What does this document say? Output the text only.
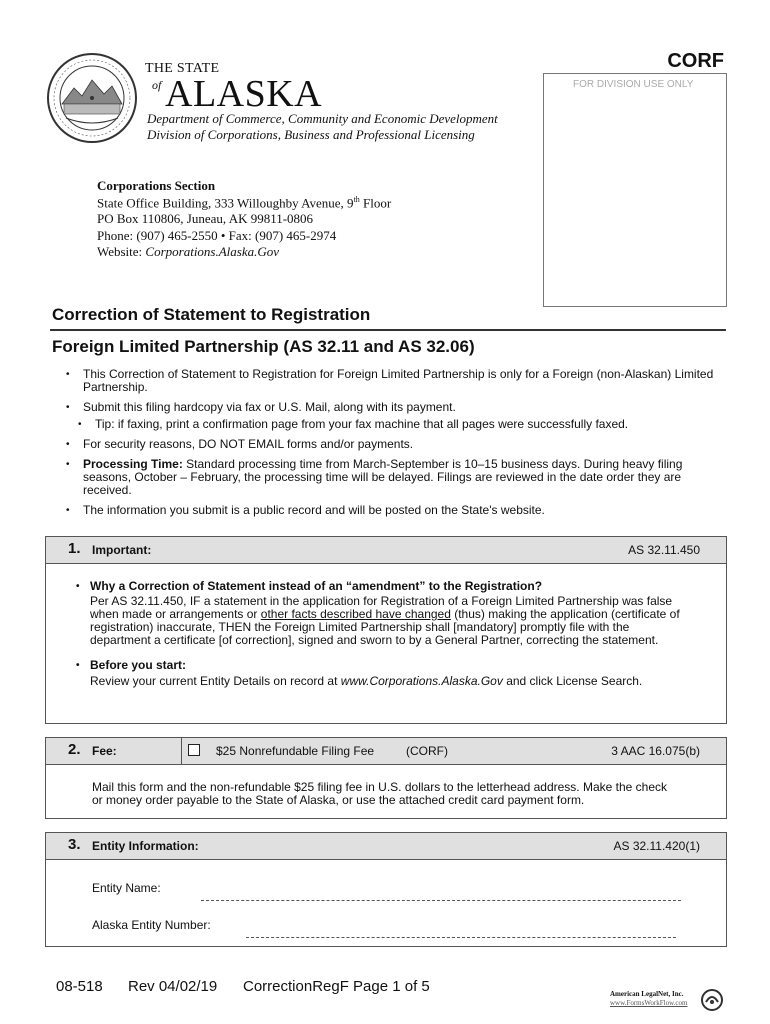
THE STATE
of ALASKA
Department of Commerce, Community and Economic Development
Division of Corporations, Business and Professional Licensing
CORF
FOR DIVISION USE ONLY
Corporations Section
State Office Building, 333 Willoughby Avenue, 9th Floor
PO Box 110806, Juneau, AK 99811-0806
Phone: (907) 465-2550 • Fax: (907) 465-2974
Website: Corporations.Alaska.Gov
Correction of Statement to Registration
Foreign Limited Partnership (AS 32.11 and AS 32.06)
• This Correction of Statement to Registration for Foreign Limited Partnership is only for a Foreign (non-Alaskan) Limited Partnership.
• Submit this filing hardcopy via fax or U.S. Mail, along with its payment.
• Tip: if faxing, print a confirmation page from your fax machine that all pages were successfully faxed.
• For security reasons, DO NOT EMAIL forms and/or payments.
• Processing Time: Standard processing time from March-September is 10–15 business days. During heavy filing seasons, October – February, the processing time will be delayed. Filings are reviewed in the date order they are received.
• The information you submit is a public record and will be posted on the State's website.
1. Important:	AS 32.11.450
• Why a Correction of Statement instead of an “amendment” to the Registration?
Per AS 32.11.450, IF a statement in the application for Registration of a Foreign Limited Partnership was false when made or arrangements or other facts described have changed (thus) making the application (certificate of registration) inaccurate, THEN the Foreign Limited Partnership shall [mandatory] promptly file with the department a certificate [of correction], signed and sworn to by a General Partner, correcting the statement.
• Before you start:
Review your current Entity Details on record at www.Corporations.Alaska.Gov and click License Search.
2. Fee:	$25 Nonrefundable Filing Fee	(CORF)	3 AAC 16.075(b)
Mail this form and the non-refundable $25 filing fee in U.S. dollars to the letterhead address. Make the check or money order payable to the State of Alaska, or use the attached credit card payment form.
3. Entity Information:	AS 32.11.420(1)
Entity Name:
Alaska Entity Number:
08-518 Rev 04/02/19 CorrectionRegF Page 1 of 5	American LegalNet, Inc.
www.FormsWorkFlow.com
